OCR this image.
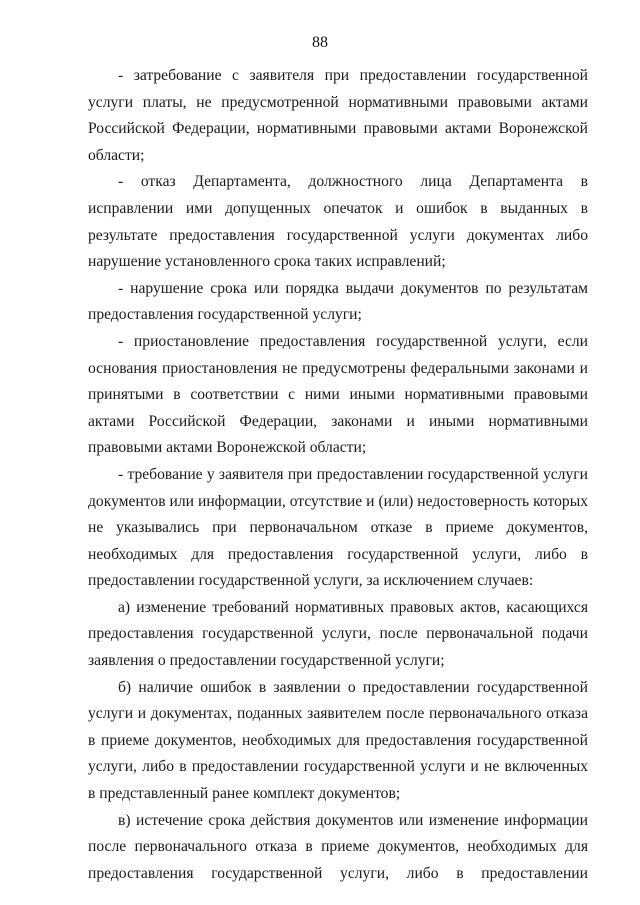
88

- затребование с заявителя при предоставлении государственной услуги платы, не предусмотренной нормативными правовыми актами Российской Федерации, нормативными правовыми актами Воронежской области;

- отказ Департамента, должностного лица Департамента в исправлении ими допущенных опечаток и ошибок в выданных в результате предоставления государственной услуги документах либо нарушение установленного срока таких исправлений;

- нарушение срока или порядка выдачи документов по результатам предоставления государственной услуги;

- приостановление предоставления государственной услуги, если основания приостановления не предусмотрены федеральными законами и принятыми в соответствии с ними иными нормативными правовыми актами Российской Федерации, законами и иными нормативными правовыми актами Воронежской области;

- требование у заявителя при предоставлении государственной услуги документов или информации, отсутствие и (или) недостоверность которых не указывались при первоначальном отказе в приеме документов, необходимых для предоставления государственной услуги, либо в предоставлении государственной услуги, за исключением случаев:

а) изменение требований нормативных правовых актов, касающихся предоставления государственной услуги, после первоначальной подачи заявления о предоставлении государственной услуги;

б) наличие ошибок в заявлении о предоставлении государственной услуги и документах, поданных заявителем после первоначального отказа в приеме документов, необходимых для предоставления государственной услуги, либо в предоставлении государственной услуги и не включенных в представленный ранее комплект документов;

в) истечение срока действия документов или изменение информации после первоначального отказа в приеме документов, необходимых для предоставления государственной услуги, либо в предоставлении
